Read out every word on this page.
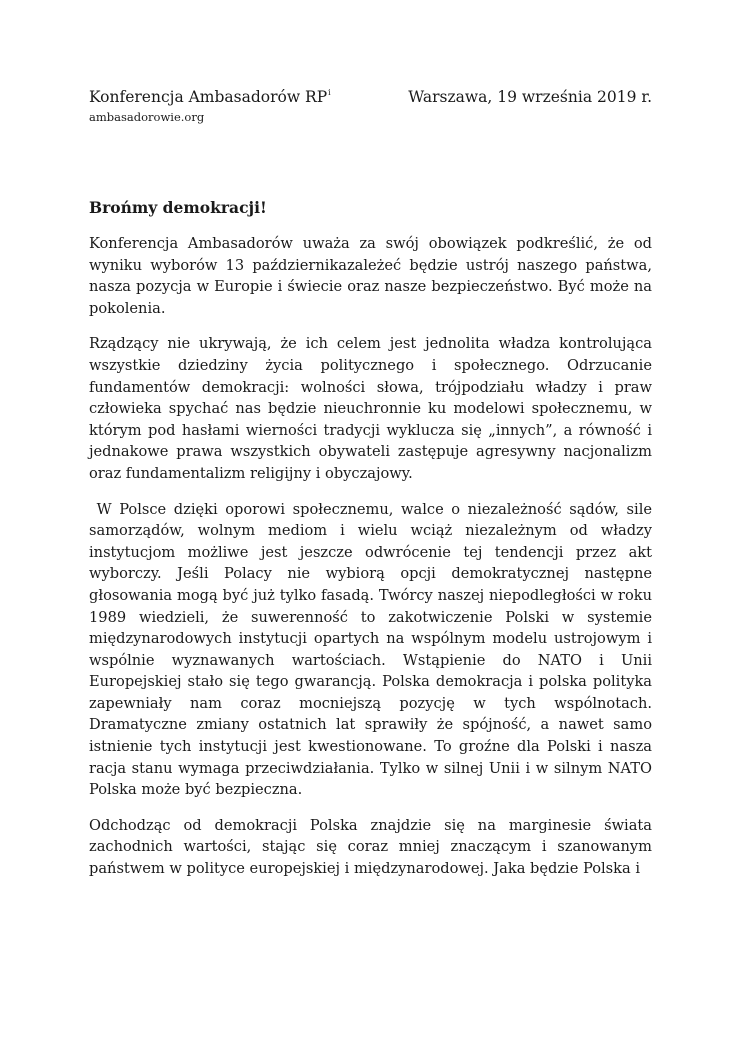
Konferencja Ambasadorów $RP^i$
ambasadorowie.org
Warszawa, 19 września 2019 r.
Brońmy demokracji!

Konferencja Ambasadorów uważa za swój obowiązek podkreślić, że od wyniku wyborów 13 październikazależeć będzie ustrój naszego państwa, nasza pozycja w Europie i świecie oraz nasze bezpieczeństwo. Być może na pokolenia.

Rządzący nie ukrywają, że ich celem jest jednolita władza kontrolująca wszystkie dziedziny życia politycznego i społecznego. Odrzucanie fundamentów demokracji: wolności słowa, trójpodziału władzy i praw człowieka spychać nas będzie nieuchronnie ku modelowi społecznemu, w którym pod hasłami wierności tradycji wyklucza się „innych”, a równość i jednakowe prawa wszystkich obywateli zastępuje agresywny nacjonalizm oraz fundamentalizm religijny i obyczajowy.

W Polsce dzięki oporowi społecznemu, walce o niezależność sądów, sile samorządów, wolnym mediom i wielu wciąż niezależnym od władzy instytucjom możliwe jest jeszcze odwrócenie tej tendencji przez akt wyborczy. Jeśli Polacy nie wybiorą opcji demokratycznej następne głosowania mogą być już tylko fasadą. Twórcy naszej niepodległości w roku 1989 wiedzieli, że suwerenność to zakotwiczenie Polski w systemie międzynarodowych instytucji opartych na wspólnym modelu ustrojowym i wspólnie wyznawanych wartościach. Wstąpienie do NATO i Unii Europejskiej stało się tego gwarancją. Polska demokracja i polska polityka zapewniały nam coraz mocniejszą pozycję w tych wspólnotach. Dramatyczne zmiany ostatnich lat sprawiły że spójność, a nawet samo istnienie tych instytucji jest kwestionowane. To groźne dla Polski i nasza racja stanu wymaga przeciwdziałania. Tylko w silnej Unii i w silnym NATO Polska może być bezpieczna.

Odchodząc od demokracji Polska znajdzie się na marginesie świata zachodnich wartości, stając się coraz mniej znaczącym i szanowanym państwem w polityce europejskiej i międzynarodowej. Jaka będzie Polska i
